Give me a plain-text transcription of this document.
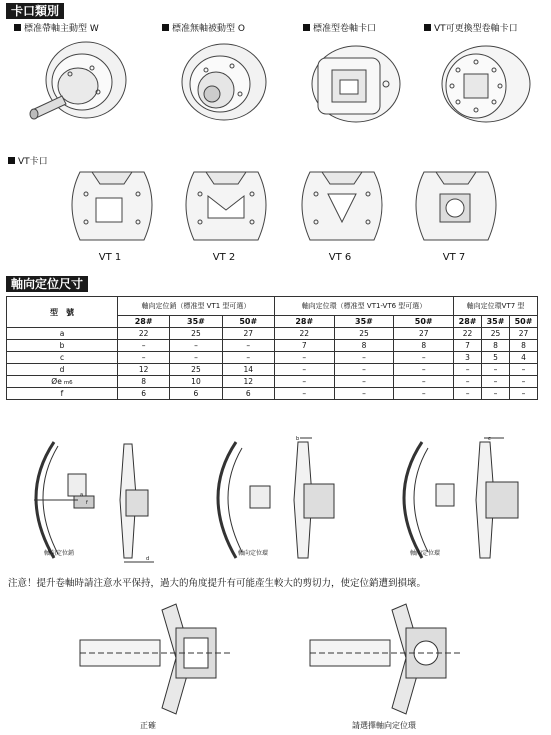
卡口類別
標准帶軸主動型 W	標准無軸被動型 O	標准型卷軸卡口	VT可更換型卷軸卡口
VT卡口
VT 1	VT 2	VT 6	VT 7
軸向定位尺寸
型　號	軸向定位銷（標准型 VT1 型可選）			軸向定位環（標准型 VT1-VT6 型可選）			軸向定位環VT7 型		
	28#	35#	50#	28#	35#	50#	28#	35#	50#
a	22	25	27	22	25	27	22	25	27
b	–	–	–	7	8	8	7	8	8
c	–	–	–	–	–	–	3	5	4
d	12	25	14	–	–	–	–	–	–
Øe m6	8	10	12	–	–	–	–	–	–
f	6	6	6	–	–	–	–	–	–
a
f
d
b	c
軸向定位銷	軸向定位環	軸向定位環
注意！提升卷軸時請注意水平保持，過大的角度提升有可能產生較大的剪切力，使定位銷遭到損壞。
正確	請選擇軸向定位環
